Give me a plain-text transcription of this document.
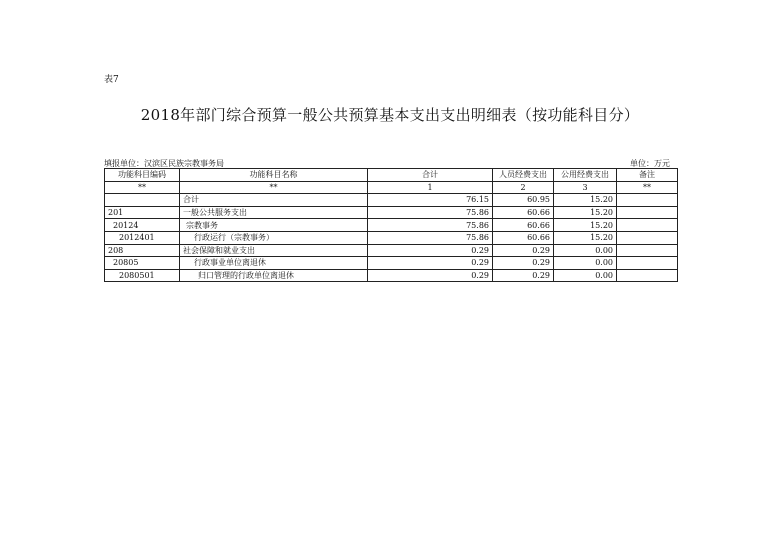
表7
2018年部门综合预算一般公共预算基本支出支出明细表（按功能科目分）
填报单位：汉滨区民族宗教事务局	单位：万元
功能科目编码	功能科目名称	合计	人员经费支出	公用经费支出	备注
**	**	1	2	3	**
	合计	76.15	60.95	15.20	
201	一般公共服务支出	75.86	60.66	15.20	
20124	宗教事务	75.86	60.66	15.20	
2012401	行政运行（宗教事务）	75.86	60.66	15.20	
208	社会保障和就业支出	0.29	0.29	0.00	
20805	行政事业单位离退休	0.29	0.29	0.00	
2080501	归口管理的行政单位离退休	0.29	0.29	0.00	
